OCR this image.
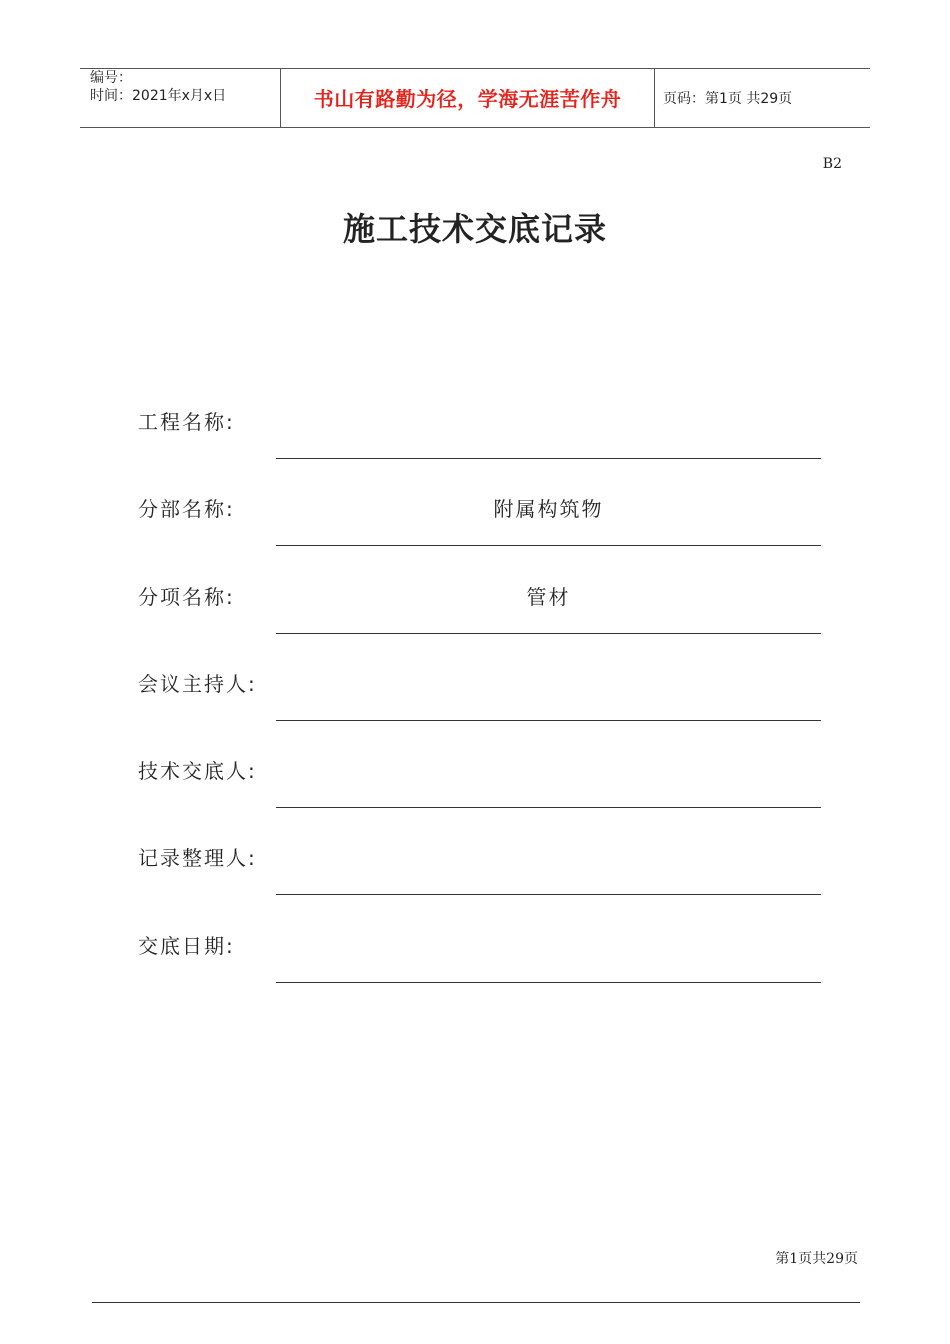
编号：
时间：2021年x月x日	书山有路勤为径，学海无涯苦作舟	页码：第1页 共29页
B2
施工技术交底记录
工程名称:
分部名称:	附属构筑物
分项名称:	管材
会议主持人:
技术交底人:
记录整理人:
交底日期:
第1页共29页
